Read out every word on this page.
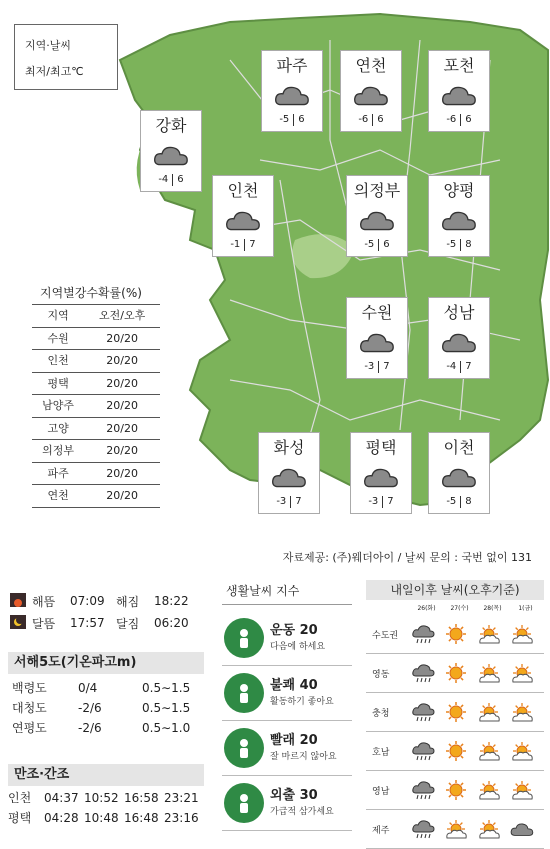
지역·날씨
최저/최고℃	파주
-5 6
연천
-6 6
포천
-6 6
강화
-4 6
인천
-1 7
의정부
-5 6
양평
-5 8
수원
-3 7
성남
-4 7
화성
-3 7
평택
-3 7
이천
-5 8
지역별강수확률(%)
지역	오전/오후
수원	20/20
인천	20/20
평택	20/20
남양주	20/20
고양	20/20
의정부	20/20
파주	20/20
연천	20/20
자료제공: (주)웨더아이 / 날씨 문의 : 국번 없이 131
해뜸	07:09 해짐	18:22
달뜸	17:57 달짐	06:20
서해5도(기온파고m)
백령도	0/4	0.5∼1.5
대청도	-2/6	0.5∼1.5
연평도	-2/6	0.5∼1.0
만조·간조
인천	04:37 10:52 16:58 23:21
평택	04:28 10:48 16:48 23:16
생활날씨 지수
운동 20
다음에 하세요
불쾌 40
활동하기 좋아요
빨래 20
잘 마르지 않아요
외출 30
가급적 삼가세요
내일이후 날씨(오후기준)
26(화)	27(수)	28(목)	1(금)
수도권
영동
충청
호남
영남
제주
